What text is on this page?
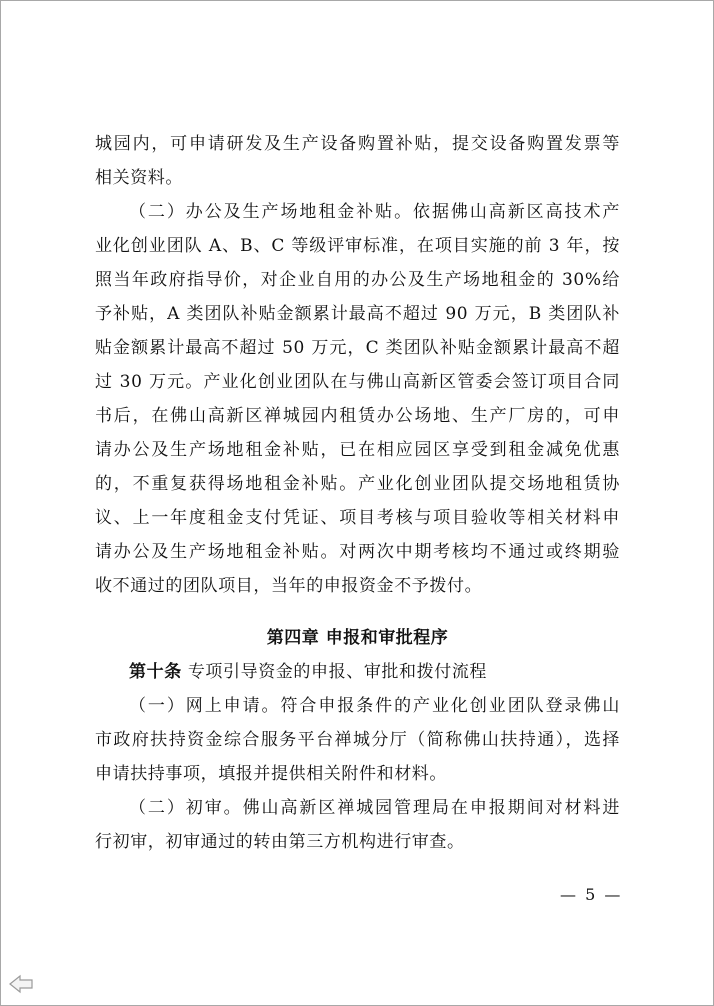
城园内，可申请研发及生产设备购置补贴，提交设备购置发票等
相关资料。
（二）办公及生产场地租金补贴。依据佛山高新区高技术产
业化创业团队 A、B、C 等级评审标准，在项目实施的前 3 年，按
照当年政府指导价，对企业自用的办公及生产场地租金的 30%给
予补贴，A 类团队补贴金额累计最高不超过 90 万元，B 类团队补
贴金额累计最高不超过 50 万元，C 类团队补贴金额累计最高不超
过 30 万元。产业化创业团队在与佛山高新区管委会签订项目合同
书后，在佛山高新区禅城园内租赁办公场地、生产厂房的，可申
请办公及生产场地租金补贴，已在相应园区享受到租金减免优惠
的，不重复获得场地租金补贴。产业化创业团队提交场地租赁协
议、上一年度租金支付凭证、项目考核与项目验收等相关材料申
请办公及生产场地租金补贴。对两次中期考核均不通过或终期验
收不通过的团队项目，当年的申报资金不予拨付。
第四章 申报和审批程序
第十条 专项引导资金的申报、审批和拨付流程
（一）网上申请。符合申报条件的产业化创业团队登录佛山
市政府扶持资金综合服务平台禅城分厅（简称佛山扶持通），选择
申请扶持事项，填报并提供相关附件和材料。
（二）初审。佛山高新区禅城园管理局在申报期间对材料进
行初审，初审通过的转由第三方机构进行审查。
— 5 —
